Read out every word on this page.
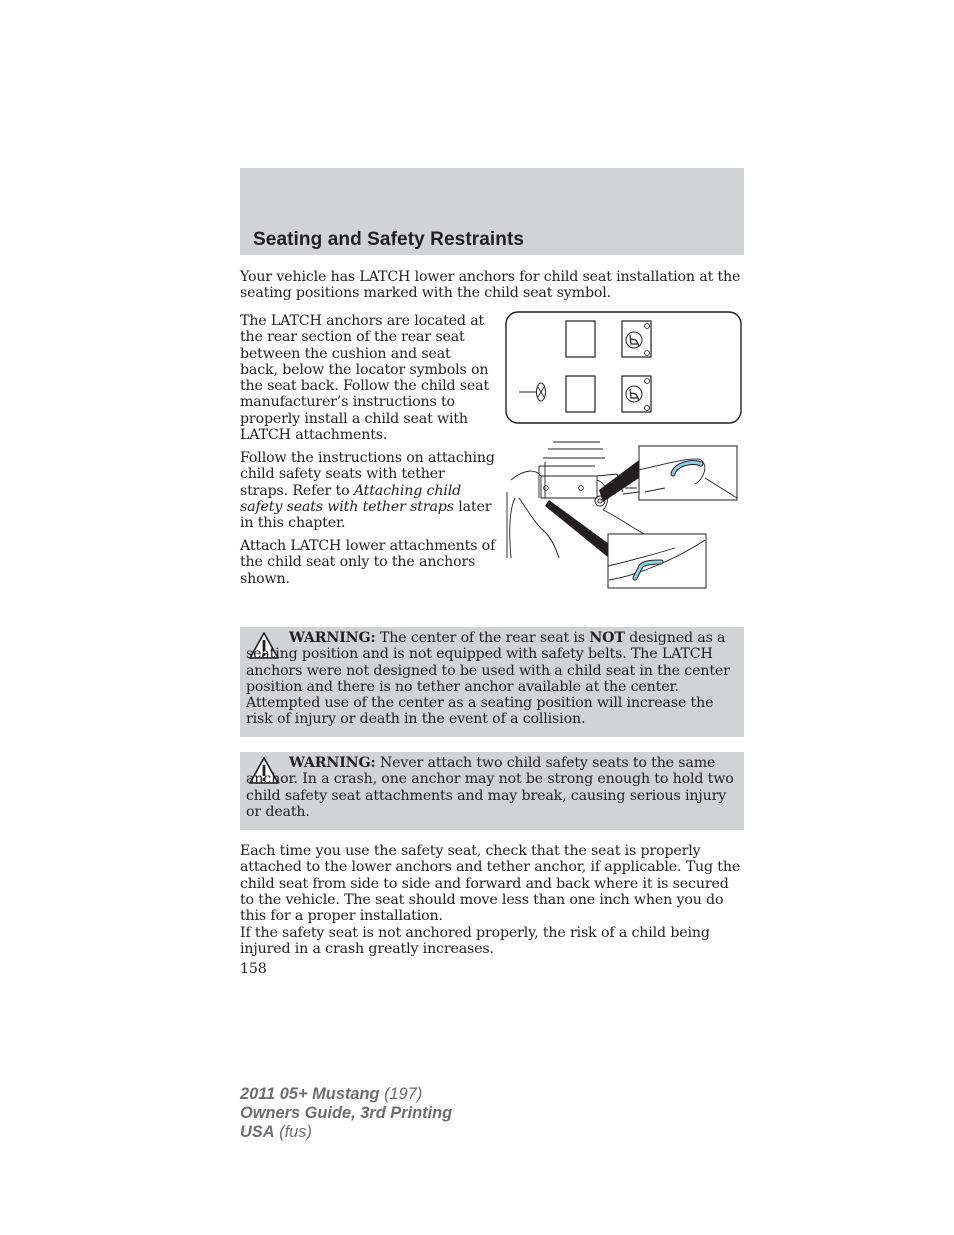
Seating and Safety Restraints

Your vehicle has LATCH lower anchors for child seat installation at the seating positions marked with the child seat symbol.

The LATCH anchors are located at the rear section of the rear seat between the cushion and seat back, below the locator symbols on the seat back. Follow the child seat manufacturer’s instructions to properly install a child seat with LATCH attachments.

Follow the instructions on attaching child safety seats with tether straps. Refer to Attaching child safety seats with tether straps later in this chapter.

Attach LATCH lower attachments of the child seat only to the anchors shown.

WARNING: The center of the rear seat is NOT designed as a seating position and is not equipped with safety belts. The LATCH anchors were not designed to be used with a child seat in the center position and there is no tether anchor available at the center. Attempted use of the center as a seating position will increase the risk of injury or death in the event of a collision.

WARNING: Never attach two child safety seats to the same anchor. In a crash, one anchor may not be strong enough to hold two child safety seat attachments and may break, causing serious injury or death.

Each time you use the safety seat, check that the seat is properly attached to the lower anchors and tether anchor, if applicable. Tug the child seat from side to side and forward and back where it is secured to the vehicle. The seat should move less than one inch when you do this for a proper installation.

If the safety seat is not anchored properly, the risk of a child being injured in a crash greatly increases.

158

2011 05+ Mustang (197)
Owners Guide, 3rd Printing
USA (fus)
